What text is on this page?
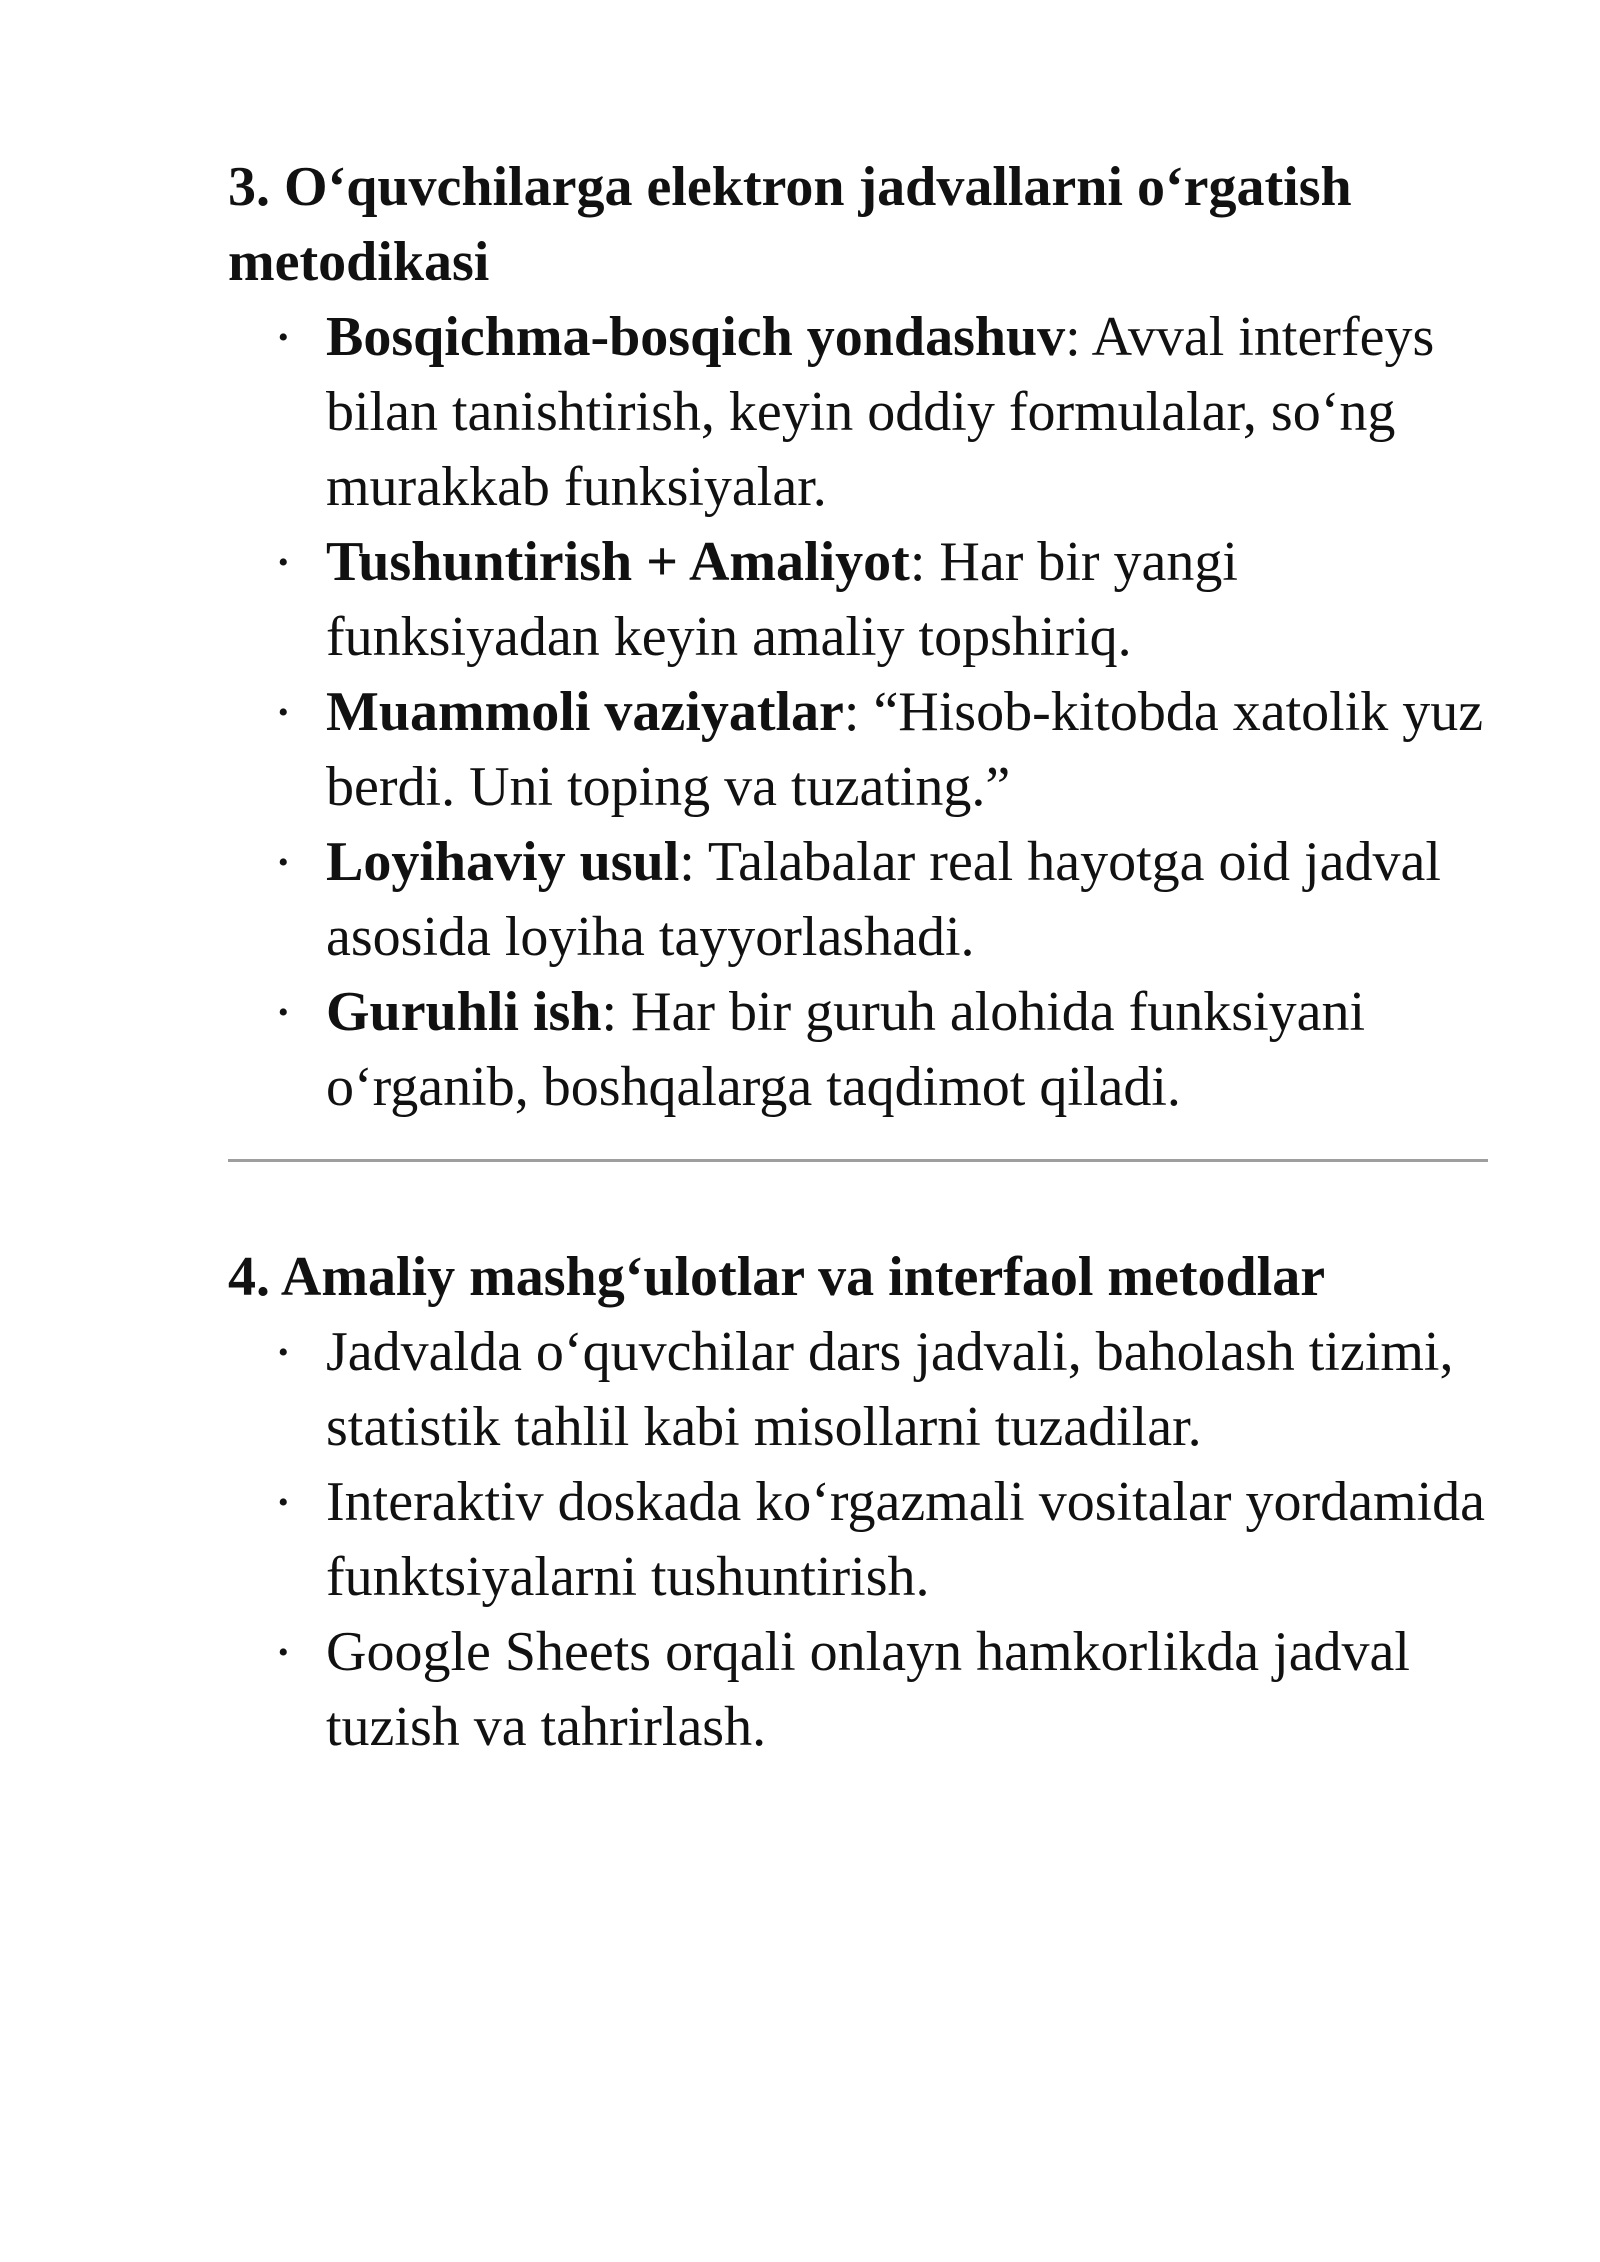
3. O‘quvchilarga elektron jadvallarni o‘rgatish metodikasi
• Bosqichma-bosqich yondashuv: Avval interfeys bilan tanishtirish, keyin oddiy formulalar, so‘ng murakkab funksiyalar.
• Tushuntirish + Amaliyot: Har bir yangi funksiyadan keyin amaliy topshiriq.
• Muammoli vaziyatlar: “Hisob-kitobda xatolik yuz berdi. Uni toping va tuzating.”
• Loyihaviy usul: Talabalar real hayotga oid jadval asosida loyiha tayyorlashadi.
• Guruhli ish: Har bir guruh alohida funksiyani o‘rganib, boshqalarga taqdimot qiladi.
4. Amaliy mashg‘ulotlar va interfaol metodlar
• Jadvalda o‘quvchilar dars jadvali, baholash tizimi, statistik tahlil kabi misollarni tuzadilar.
• Interaktiv doskada ko‘rgazmali vositalar yordamida funktsiyalarni tushuntirish.
• Google Sheets orqali onlayn hamkorlikda jadval tuzish va tahrirlash.
